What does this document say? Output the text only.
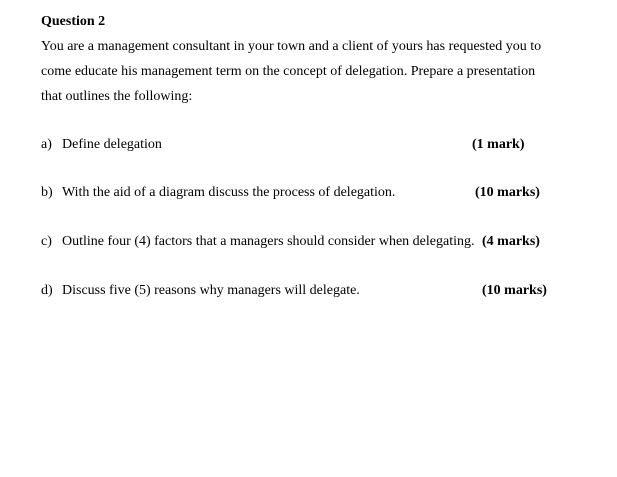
Question 2
You are a management consultant in your town and a client of yours has requested you to
come educate his management term on the concept of delegation. Prepare a presentation
that outlines the following:
a) Define delegation	(1 mark)
b) With the aid of a diagram discuss the process of delegation.	(10 marks)
c) Outline four (4) factors that a managers should consider when delegating. (4 marks)
d) Discuss five (5) reasons why managers will delegate.	(10 marks)
